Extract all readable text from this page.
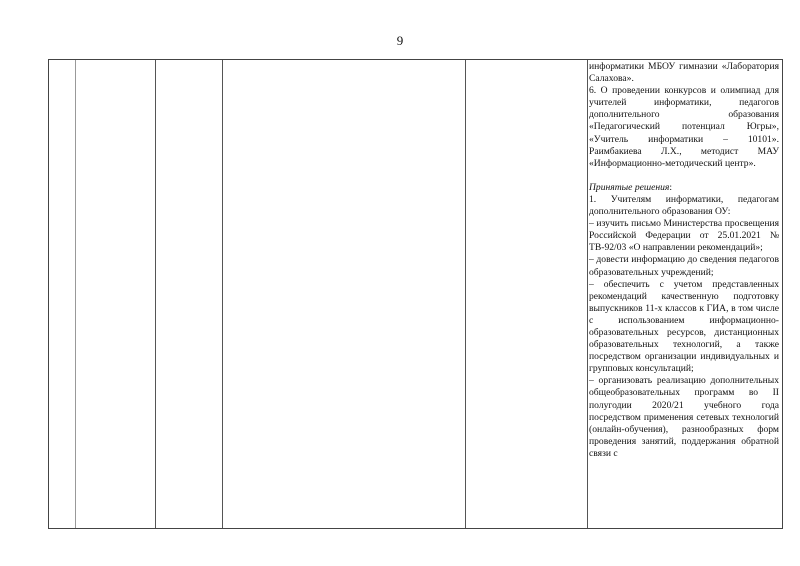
9

информатики МБОУ гимназии «Лаборатория Салахова».

6. О проведении конкурсов и олимпиад для учителей информатики, педагогов дополнительного образования «Педагогический потенциал Югры», «Учитель информатики – 10101». Раимбакиева Л.Х., методист МАУ «Информационно-методический центр».

Принятые решения:

1. Учителям информатики, педагогам дополнительного образования ОУ:

– изучить письмо Министерства просвещения Российской Федерации от 25.01.2021 № ТВ-92/03 «О направлении рекомендаций»;

– довести информацию до сведения педагогов образовательных учреждений;

– обеспечить с учетом представленных рекомендаций качественную подготовку выпускников 11-х классов к ГИА, в том числе с использованием информационно-образовательных ресурсов, дистанционных образовательных технологий, а также посредством организации индивидуальных и групповых консультаций;

– организовать реализацию дополнительных общеобразовательных программ во II полугодии 2020/21 учебного года посредством применения сетевых технологий (онлайн-обучения), разнообразных форм проведения занятий, поддержания обратной связи с
